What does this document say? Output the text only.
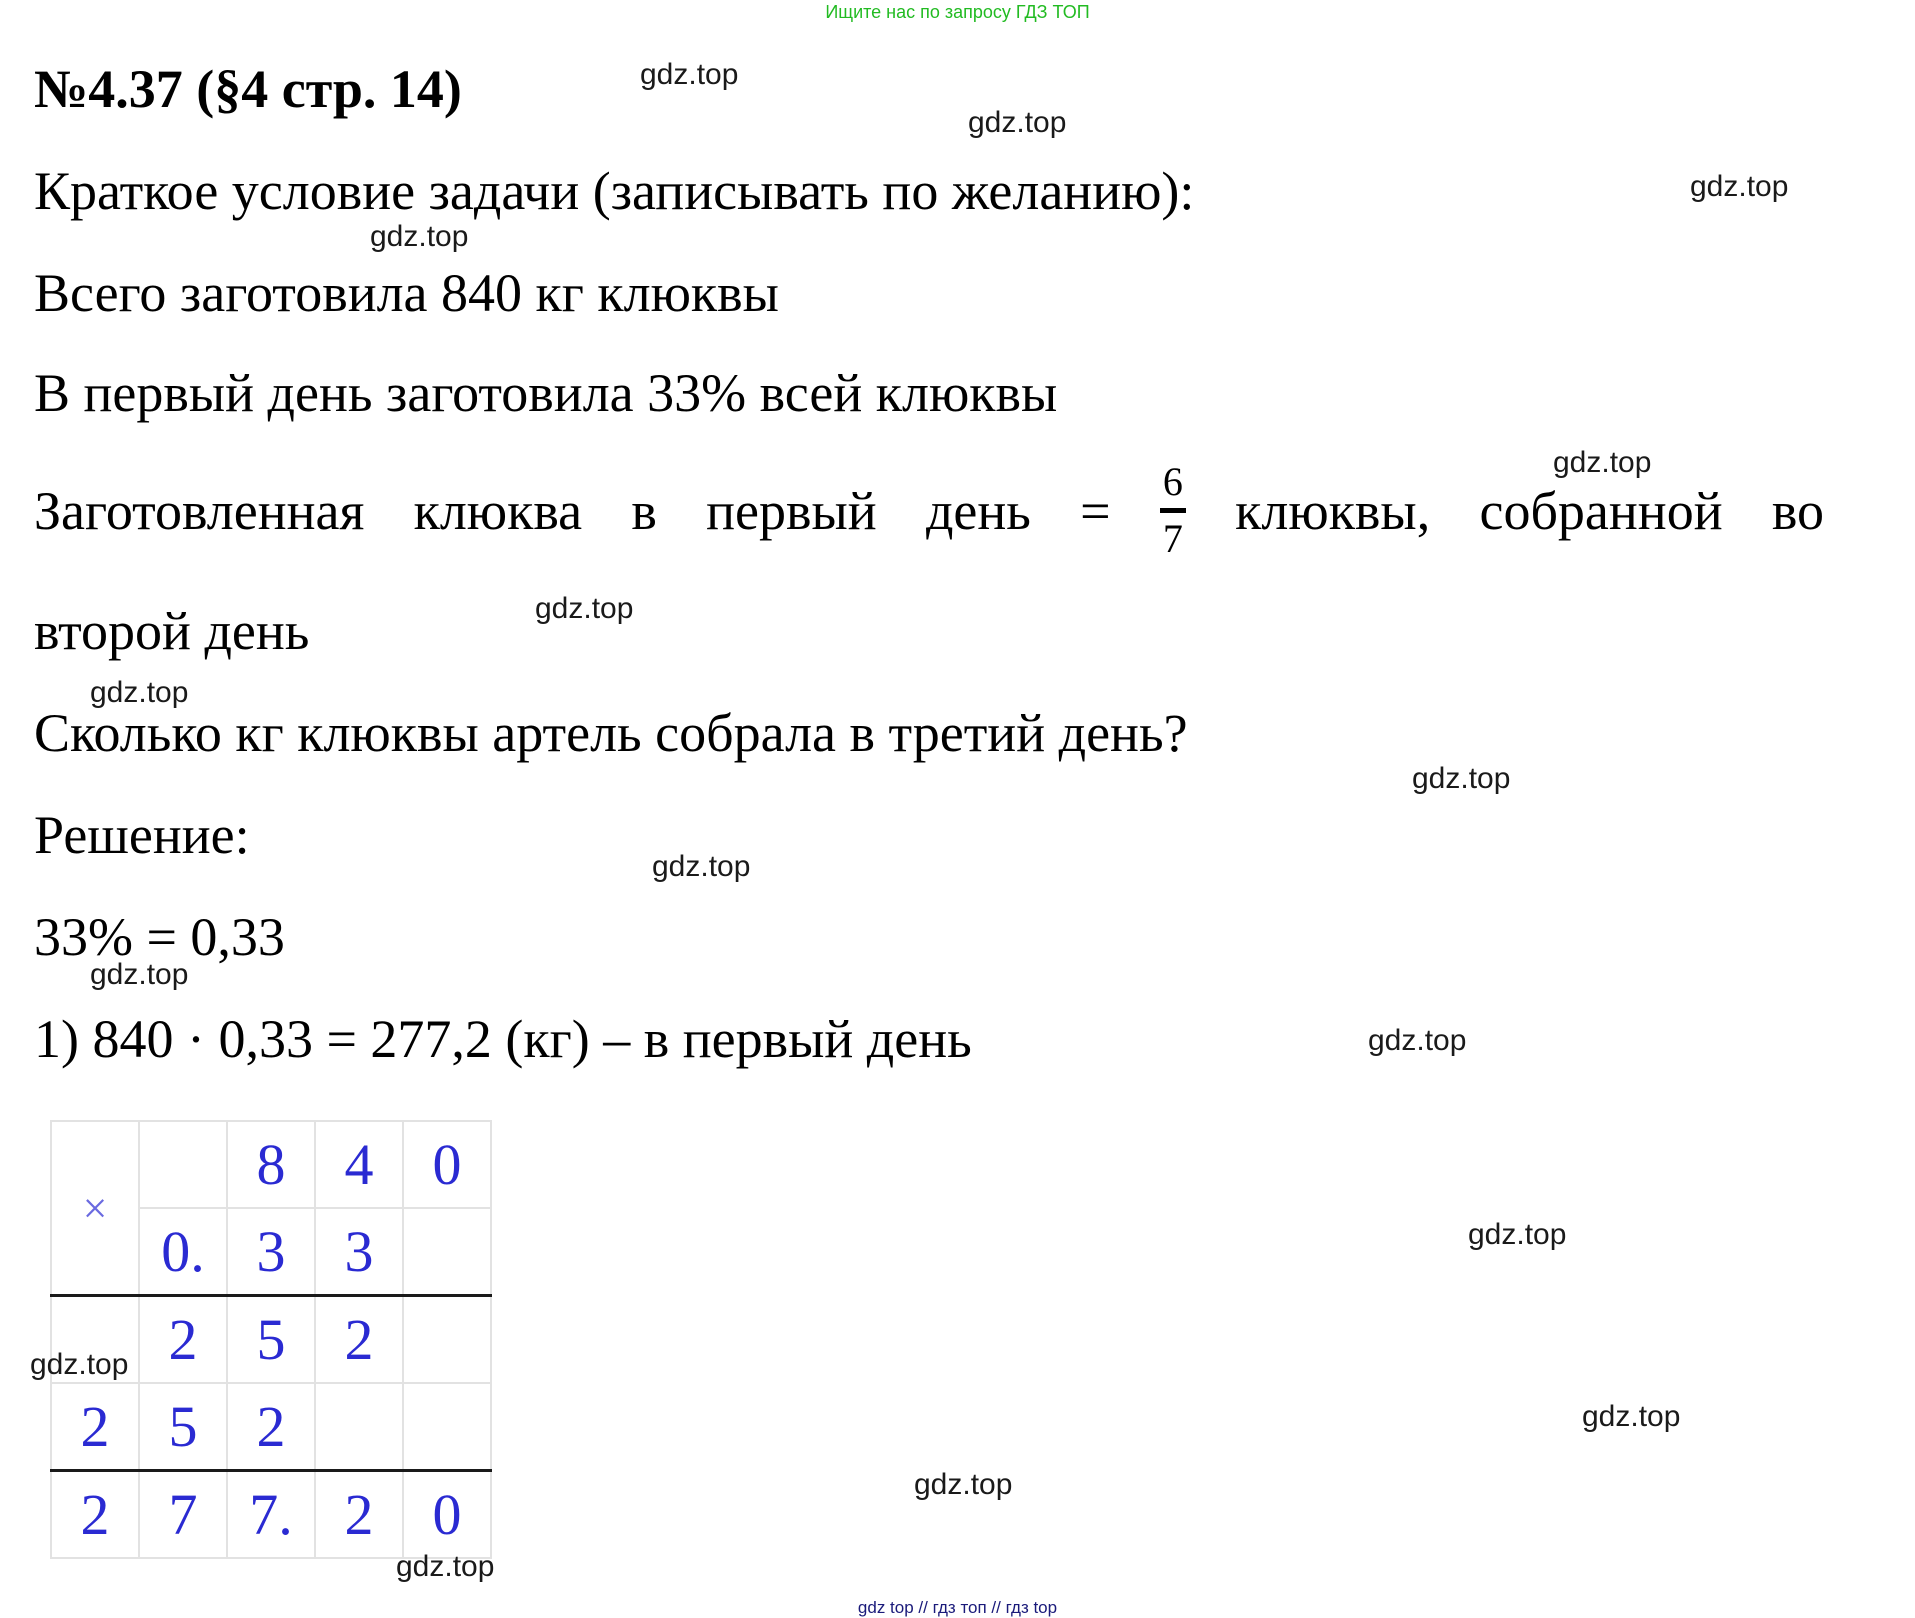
Ищите нас по запросу ГДЗ ТОП
№4.37 (§4 стр. 14)
Краткое условие задачи (записывать по желанию):
Всего заготовила 840 кг клюквы
В первый день заготовила 33% всей клюквы
Заготовленная клюква в первый день = 6
7 клюквы, собранной во
второй день
Сколько кг клюквы артель собрала в третий день?
Решение:
33% = 0,33
1) 840 · 0,33 = 277,2 (кг) – в первый день
×		8	4	0
	0.	3	3	
	2	5	2	
2	5	2		
2	7	7.	2	0
gdz.top
gdz.top
gdz.top
gdz.top
gdz.top
gdz.top
gdz.top
gdz.top
gdz.top
gdz.top
gdz.top
gdz.top
gdz.top
gdz.top
gdz.top
gdz.top
gdz top // гдз топ // гдз top
